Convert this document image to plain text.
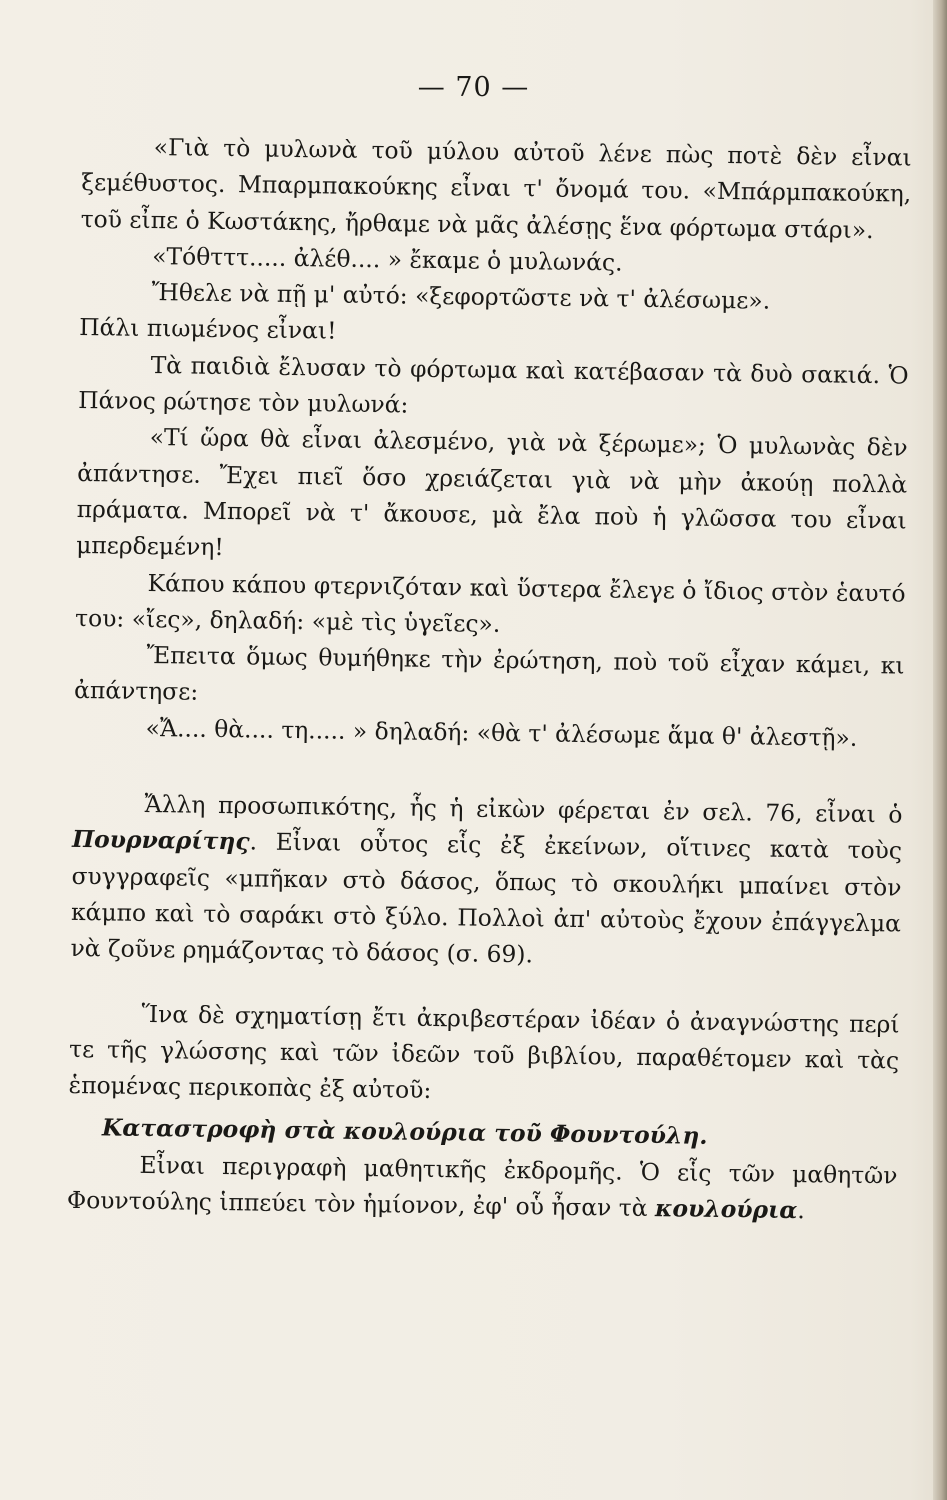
— 70 —

«Γιὰ τὸ μυλωνὰ τοῦ μύλου αὐτοῦ λένε πὼς ποτὲ δὲν εἶναι ξεμέθυστος. Μπαρμπακούκης εἶναι τ' ὄνομά του. «Μπάρμπακούκη, τοῦ εἶπε ὁ Κωστάκης, ἤρθαμε νὰ μᾶς ἀλέσῃς ἕνα φόρτωμα στάρι».

«Τόθτττ..... ἀλέθ.... » ἔκαμε ὁ μυλωνάς.

Ἤθελε νὰ πῇ μ' αὐτό: «ξεφορτῶστε νὰ τ' ἀλέσωμε».

Πάλι πιωμένος εἶναι!

Τὰ παιδιὰ ἔλυσαν τὸ φόρτωμα καὶ κατέβασαν τὰ δυὸ σακιά. Ὁ Πάνος ρώτησε τὸν μυλωνά:

«Τί ὥρα θὰ εἶναι ἀλεσμένο, γιὰ νὰ ξέρωμε»; Ὁ μυλωνὰς δὲν ἀπάντησε. Ἔχει πιεῖ ὅσο χρειάζεται γιὰ νὰ μὴν ἀκούῃ πολλὰ πράματα. Μπορεῖ νὰ τ' ἄκουσε, μὰ ἔλα ποὺ ἡ γλῶσσα του εἶναι μπερδεμένη!

Κάπου κάπου φτερνιζόταν καὶ ὕστερα ἔλεγε ὁ ἴδιος στὸν ἑαυτό του: «ἴες», δηλαδή: «μὲ τὶς ὑγεῖες».

Ἔπειτα ὅμως θυμήθηκε τὴν ἐρώτηση, ποὺ τοῦ εἶχαν κάμει, κι ἀπάντησε:

«Ἄ.... θὰ.... τη..... » δηλαδή: «θὰ τ' ἀλέσωμε ἅμα θ' ἀλεστῇ».

Ἄλλη προσωπικότης, ἧς ἡ εἰκὼν φέρεται ἐν σελ. 76, εἶναι ὁ Πουρναρίτης. Εἶναι οὗτος εἷς ἐξ ἐκείνων, οἵτινες κατὰ τοὺς συγγραφεῖς «μπῆκαν στὸ δάσος, ὅπως τὸ σκουλήκι μπαίνει στὸν κάμπο καὶ τὸ σαράκι στὸ ξύλο. Πολλοὶ ἀπ' αὐτοὺς ἔχουν ἐπάγγελμα νὰ ζοῦνε ρημάζοντας τὸ δάσος (σ. 69).

Ἵνα δὲ σχηματίσῃ ἔτι ἀκριβεστέραν ἰδέαν ὁ ἀναγνώστης περί τε τῆς γλώσσης καὶ τῶν ἰδεῶν τοῦ βιβλίου, παραθέτομεν καὶ τὰς ἑπομένας περικοπὰς ἐξ αὐτοῦ:

Καταστροφὴ στὰ κουλούρια τοῦ Φουντούλη.

Εἶναι περιγραφὴ μαθητικῆς ἐκδρομῆς. Ὁ εἷς τῶν μαθητῶν Φουντούλης ἱππεύει τὸν ἡμίονον, ἐφ' οὗ ἦσαν τὰ κουλούρια.
